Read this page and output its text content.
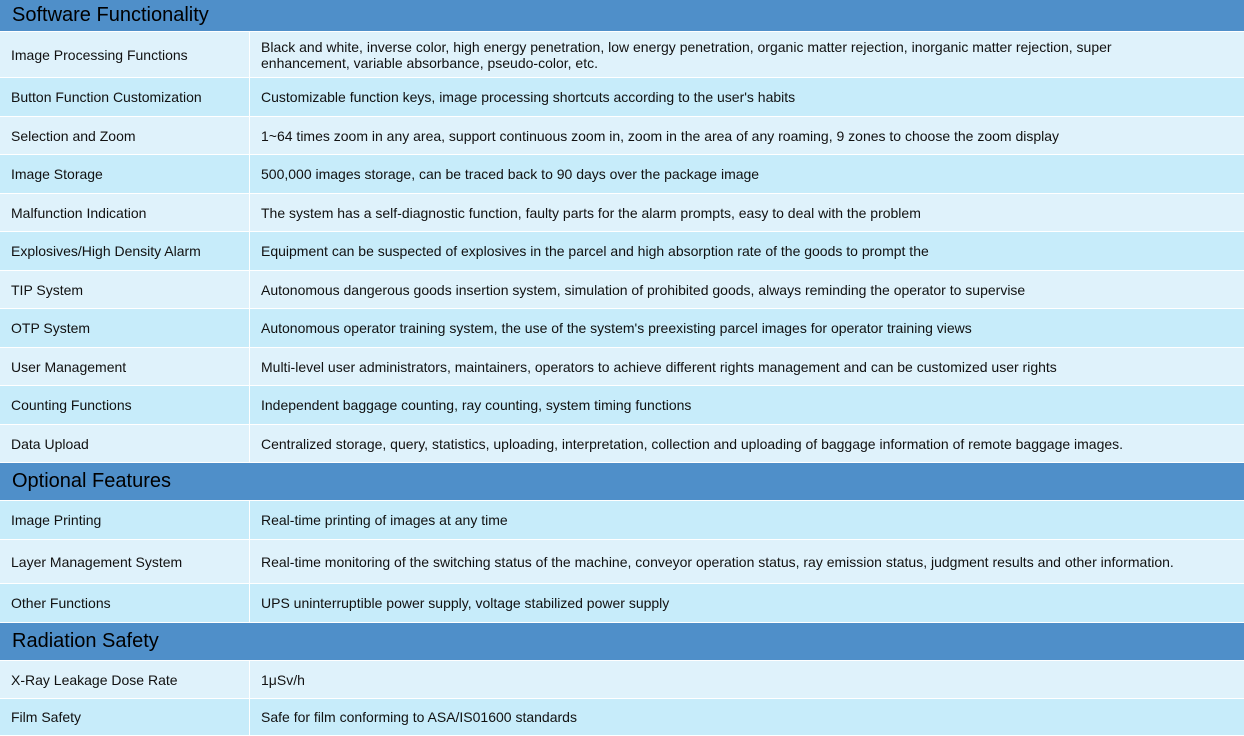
Software Functionality
Image Processing Functions	Black and white, inverse color, high energy penetration, low energy penetration, organic matter rejection, inorganic matter rejection, super enhancement, variable absorbance, pseudo-color, etc.
Button Function Customization	Customizable function keys, image processing shortcuts according to the user's habits
Selection and Zoom	1~64 times zoom in any area, support continuous zoom in, zoom in the area of any roaming, 9 zones to choose the zoom display
Image Storage	500,000 images storage, can be traced back to 90 days over the package image
Malfunction Indication	The system has a self-diagnostic function, faulty parts for the alarm prompts, easy to deal with the problem
Explosives/High Density Alarm	Equipment can be suspected of explosives in the parcel and high absorption rate of the goods to prompt the
TIP System	Autonomous dangerous goods insertion system, simulation of prohibited goods, always reminding the operator to supervise
OTP System	Autonomous operator training system, the use of the system's preexisting parcel images for operator training views
User Management	Multi-level user administrators, maintainers, operators to achieve different rights management and can be customized user rights
Counting Functions	Independent baggage counting, ray counting, system timing functions
Data Upload	Centralized storage, query, statistics, uploading, interpretation, collection and uploading of baggage information of remote baggage images.
Optional Features
Image Printing	Real-time printing of images at any time
Layer Management System	Real-time monitoring of the switching status of the machine, conveyor operation status, ray emission status, judgment results and other information.
Other Functions	UPS uninterruptible power supply, voltage stabilized power supply
Radiation Safety
X-Ray Leakage Dose Rate	1μSv/h
Film Safety	Safe for film conforming to ASA/IS01600 standards
